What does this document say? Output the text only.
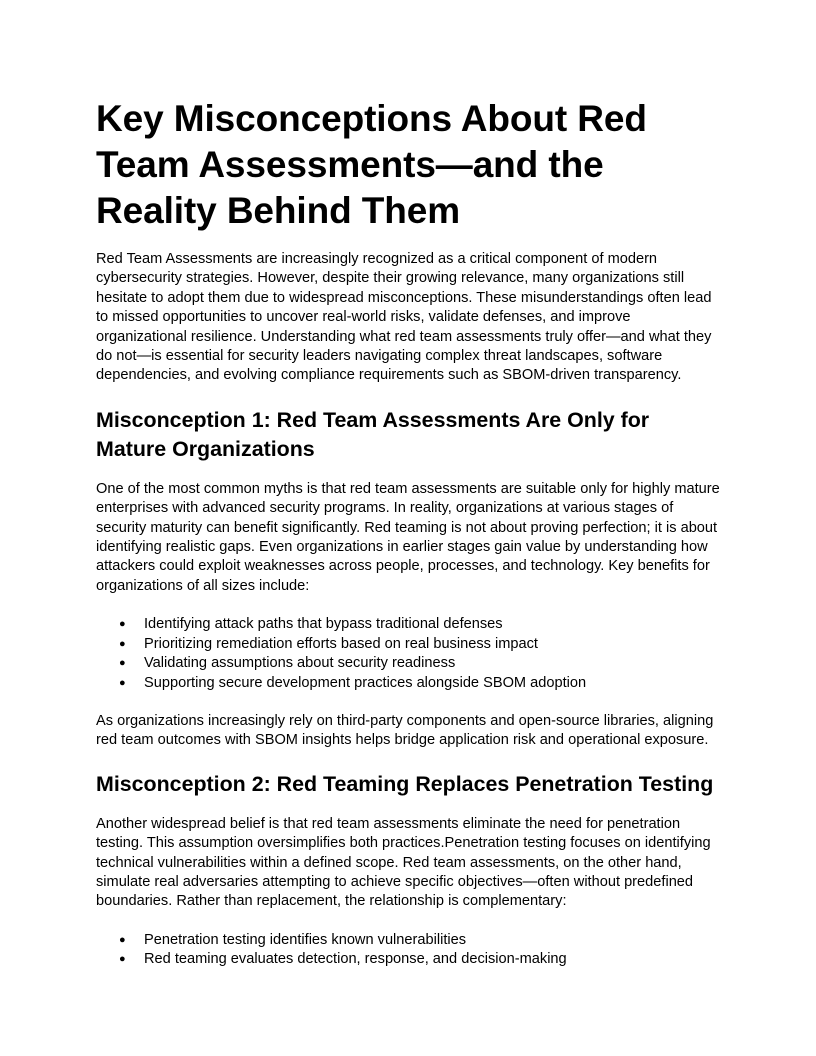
Key Misconceptions About Red Team Assessments—and the Reality Behind Them

Red Team Assessments are increasingly recognized as a critical component of modern cybersecurity strategies. However, despite their growing relevance, many organizations still hesitate to adopt them due to widespread misconceptions. These misunderstandings often lead to missed opportunities to uncover real-world risks, validate defenses, and improve organizational resilience. Understanding what red team assessments truly offer—and what they do not—is essential for security leaders navigating complex threat landscapes, software dependencies, and evolving compliance requirements such as SBOM-driven transparency.

Misconception 1: Red Team Assessments Are Only for Mature Organizations

One of the most common myths is that red team assessments are suitable only for highly mature enterprises with advanced security programs. In reality, organizations at various stages of security maturity can benefit significantly. Red teaming is not about proving perfection; it is about identifying realistic gaps. Even organizations in earlier stages gain value by understanding how attackers could exploit weaknesses across people, processes, and technology. Key benefits for organizations of all sizes include:

● Identifying attack paths that bypass traditional defenses
● Prioritizing remediation efforts based on real business impact
● Validating assumptions about security readiness
● Supporting secure development practices alongside SBOM adoption

As organizations increasingly rely on third-party components and open-source libraries, aligning red team outcomes with SBOM insights helps bridge application risk and operational exposure.

Misconception 2: Red Teaming Replaces Penetration Testing

Another widespread belief is that red team assessments eliminate the need for penetration testing. This assumption oversimplifies both practices.Penetration testing focuses on identifying technical vulnerabilities within a defined scope. Red team assessments, on the other hand, simulate real adversaries attempting to achieve specific objectives—often without predefined boundaries. Rather than replacement, the relationship is complementary:

● Penetration testing identifies known vulnerabilities
● Red teaming evaluates detection, response, and decision-making
